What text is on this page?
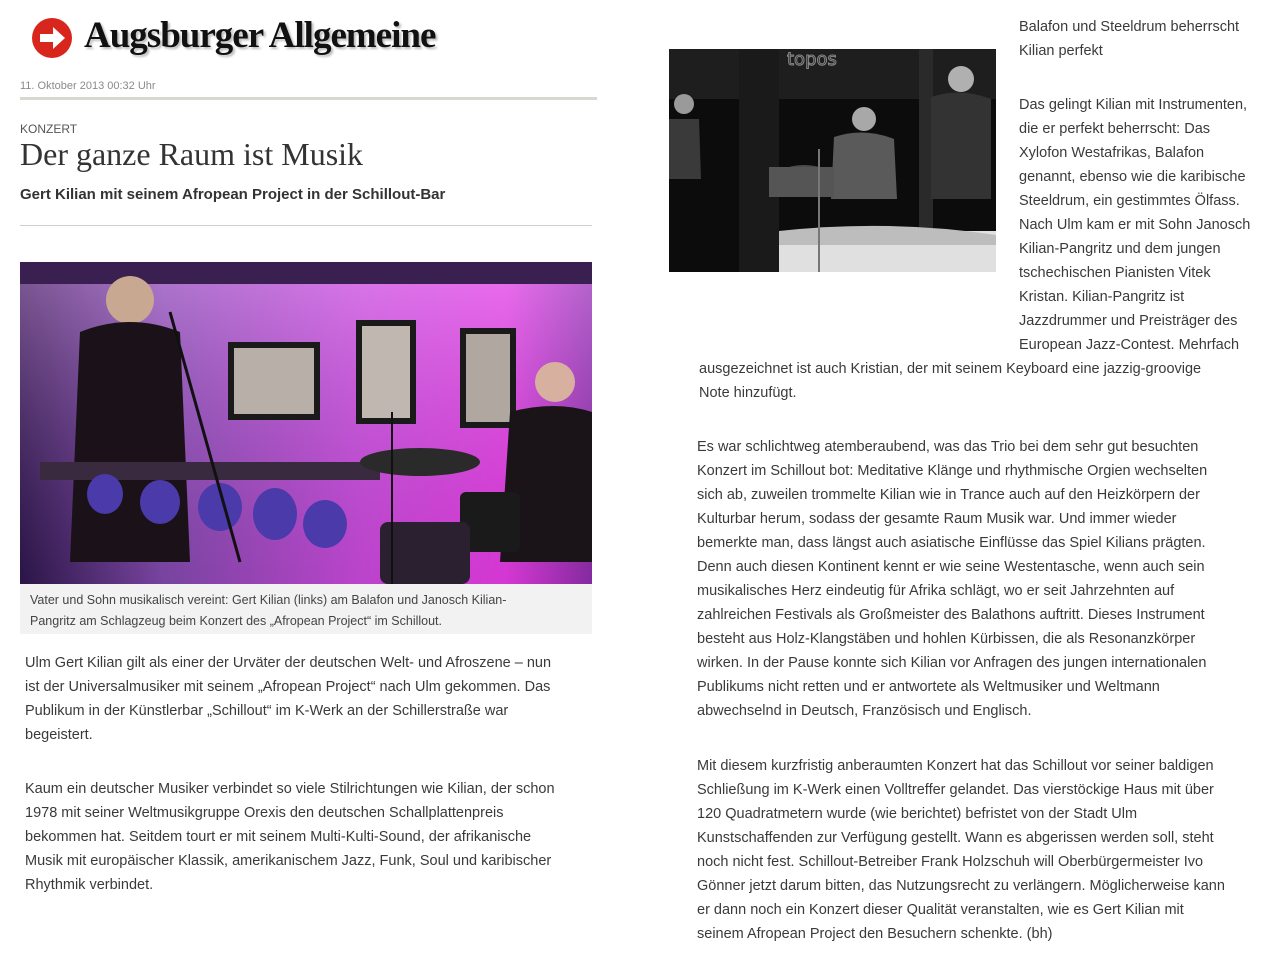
Augsburger Allgemeine
11. Oktober 2013 00:32 Uhr
KONZERT
Der ganze Raum ist Musik
Gert Kilian mit seinem Afropean Project in der Schillout-Bar
Vater und Sohn musikalisch vereint: Gert Kilian (links) am Balafon und Janosch Kilian-
Pangritz am Schlagzeug beim Konzert des „Afropean Project“ im Schillout.
Ulm Gert Kilian gilt als einer der Urväter der deutschen Welt- und Afroszene – nun
ist der Universalmusiker mit seinem „Afropean Project“ nach Ulm gekommen. Das
Publikum in der Künstlerbar „Schillout“ im K-Werk an der Schillerstraße war
begeistert.
Kaum ein deutscher Musiker verbindet so viele Stilrichtungen wie Kilian, der schon
1978 mit seiner Weltmusikgruppe Orexis den deutschen Schallplattenpreis
bekommen hat. Seitdem tourt er mit seinem Multi-Kulti-Sound, der afrikanische
Musik mit europäischer Klassik, amerikanischem Jazz, Funk, Soul und karibischer
Rhythmik verbindet.
topos
Balafon und Steeldrum beherrscht
Kilian perfekt
Das gelingt Kilian mit Instrumenten,
die er perfekt beherrscht: Das
Xylofon Westafrikas, Balafon
genannt, ebenso wie die karibische
Steeldrum, ein gestimmtes Ölfass.
Nach Ulm kam er mit Sohn Janosch
Kilian-Pangritz und dem jungen
tschechischen Pianisten Vitek
Kristan. Kilian-Pangritz ist
Jazzdrummer und Preisträger des
European Jazz-Contest. Mehrfach
ausgezeichnet ist auch Kristian, der mit seinem Keyboard eine jazzig-groovige
Note hinzufügt.
Es war schlichtweg atemberaubend, was das Trio bei dem sehr gut besuchten
Konzert im Schillout bot: Meditative Klänge und rhythmische Orgien wechselten
sich ab, zuweilen trommelte Kilian wie in Trance auch auf den Heizkörpern der
Kulturbar herum, sodass der gesamte Raum Musik war. Und immer wieder
bemerkte man, dass längst auch asiatische Einflüsse das Spiel Kilians prägten.
Denn auch diesen Kontinent kennt er wie seine Westentasche, wenn auch sein
musikalisches Herz eindeutig für Afrika schlägt, wo er seit Jahrzehnten auf
zahlreichen Festivals als Großmeister des Balathons auftritt. Dieses Instrument
besteht aus Holz-Klangstäben und hohlen Kürbissen, die als Resonanzkörper
wirken. In der Pause konnte sich Kilian vor Anfragen des jungen internationalen
Publikums nicht retten und er antwortete als Weltmusiker und Weltmann
abwechselnd in Deutsch, Französisch und Englisch.
Mit diesem kurzfristig anberaumten Konzert hat das Schillout vor seiner baldigen
Schließung im K-Werk einen Volltreffer gelandet. Das vierstöckige Haus mit über
120 Quadratmetern wurde (wie berichtet) befristet von der Stadt Ulm
Kunstschaffenden zur Verfügung gestellt. Wann es abgerissen werden soll, steht
noch nicht fest. Schillout-Betreiber Frank Holzschuh will Oberbürgermeister Ivo
Gönner jetzt darum bitten, das Nutzungsrecht zu verlängern. Möglicherweise kann
er dann noch ein Konzert dieser Qualität veranstalten, wie es Gert Kilian mit
seinem Afropean Project den Besuchern schenkte. (bh)
